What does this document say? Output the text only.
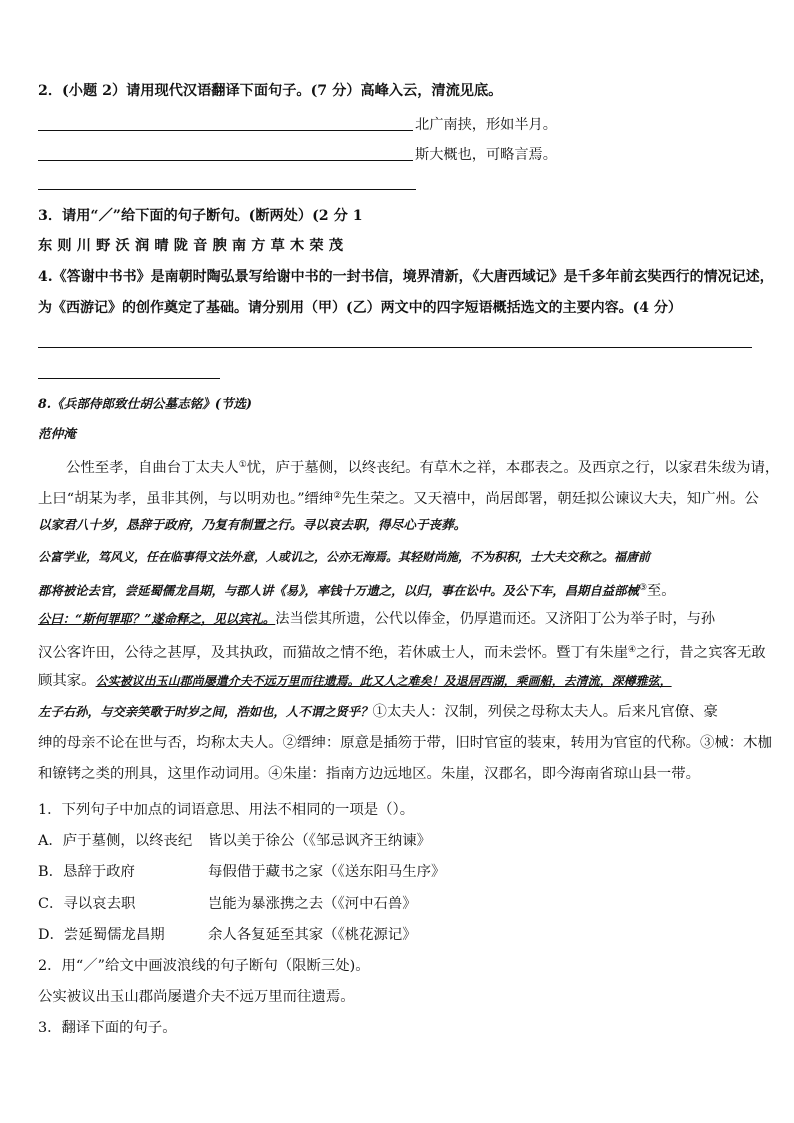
2．(小题 2）请用现代汉语翻译下面句子。(7 分）高峰入云，清流见底。
北广南挟，形如半月。
斯大概也，可略言焉。
3．请用“／”给下面的句子断句。(断两处）(2 分 1
东则川野沃润晴陇音腴南方草木荣茂
4.《答谢中书书》是南朝时陶弘景写给谢中书的一封书信，境界清新，《大唐西域记》是千多年前玄奘西行的情况记述，
为《西游记》的创作奠定了基础。请分别用（甲）(乙）两文中的四字短语概括选文的主要内容。(4 分）
8.《兵部侍郎致仕胡公墓志铭》(节选)
范仲淹
公性至孝，自曲台丁太夫人①忧，庐于墓侧，以终丧纪。有草木之祥，本郡表之。及西京之行，以家君朱绂为请，
上曰“胡某为孝，虽非其例，与以明劝也。”缙绅②先生荣之。又天禧中，尚居郎署，朝廷拟公谏议大夫，知广州。公
以家君八十岁，恳辞于政府，乃复有制置之行。寻以哀去职，得尽心于丧葬。
公富学业，笃风义，任在临事得文法外意，人或讥之，公亦无海焉。其轻财尚施，不为积积，士大夫交称之。福唐前
郡将被论去官，尝延蜀儒龙昌期，与郡人讲《易》，率钱十万遗之，以归，事在讼中。及公下车，昌期自益部械③至。
公曰：“斯何罪耶？”遂命释之，见以宾礼。法当偿其所遗，公代以俸金，仍厚遣而还。又济阳丁公为举子时，与孙
汉公客许田，公待之甚厚，及其执政，而猫故之情不绝，若休戚士人，而未尝怀。暨丁有朱崖④之行，昔之宾客无敢
顾其家。公实被议出玉山郡尚屡遣介夫不远万里而往遗焉。此又人之难矣！及退居西湖，乘画船，去清流，深樽雅弦，
左子右孙，与交亲笑歌于时岁之间，浩如也，人不谓之贤乎？①太夫人：汉制，列侯之母称太夫人。后来凡官僚、豪
绅的母亲不论在世与否，均称太夫人。②缙绅：原意是插笏于带，旧时官宦的装束，转用为官宦的代称。③械：木枷
和镣铐之类的刑具，这里作动词用。④朱崖：指南方边远地区。朱崖，汉郡名，即今海南省琼山县一带。
1．下列句子中加点的词语意思、用法不相同的一项是（）。
A．庐于墓侧，以终丧纪 皆以美于徐公（《邹忌讽齐王纳谏》
B．恳辞于政府	每假借于藏书之家（《送东阳马生序》
C．寻以哀去职	岂能为暴涨携之去（《河中石兽》
D．尝延蜀儒龙昌期	余人各复延至其家（《桃花源记》
2．用“／”给文中画波浪线的句子断句（限断三处)。
公实被议出玉山郡尚屡遣介夫不远万里而往遗焉。
3．翻译下面的句子。
